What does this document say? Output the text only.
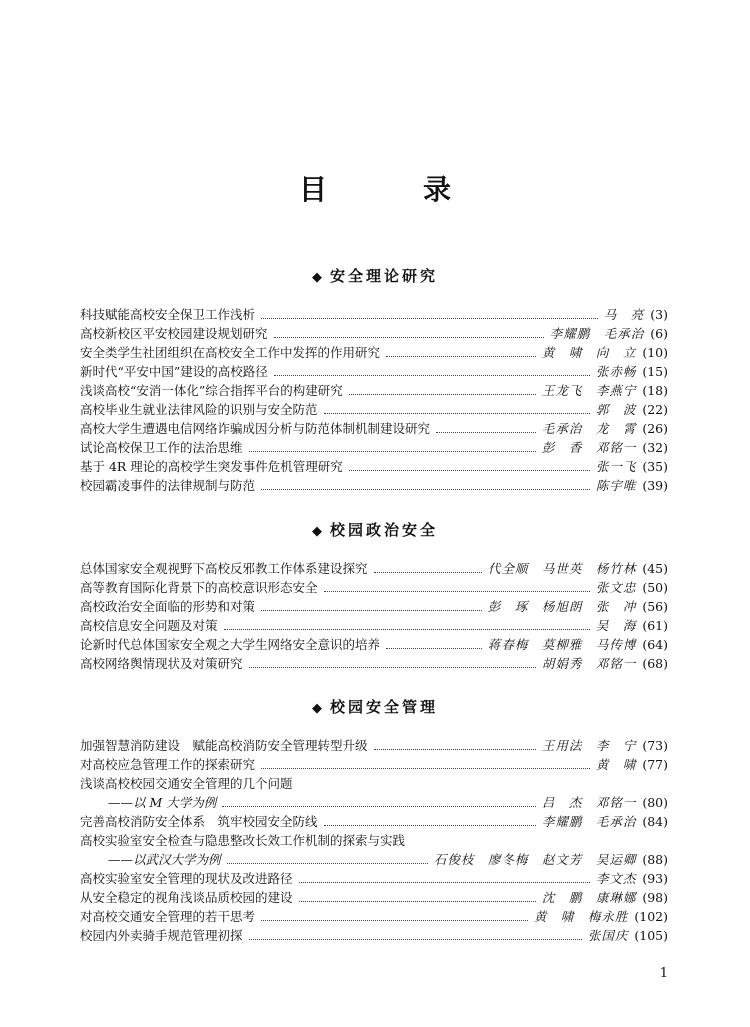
目　录
◆ 安全理论研究
科技赋能高校安全保卫工作浅析	马　亮 (3)
高校新校区平安校园建设规划研究	李耀鹏　毛承治 (6)
安全类学生社团组织在高校安全工作中发挥的作用研究	黄　啸　向　立 (10)
新时代“平安中国”建设的高校路径	张赤畅 (15)
浅谈高校“安消一体化”综合指挥平台的构建研究	王龙飞　李燕宁 (18)
高校毕业生就业法律风险的识别与安全防范	郭　波 (22)
高校大学生遭遇电信网络诈骗成因分析与防范体制机制建设研究	毛承治　龙　霄 (26)
试论高校保卫工作的法治思维	彭　香　邓铭一 (32)
基于 4R 理论的高校学生突发事件危机管理研究	张一飞 (35)
校园霸凌事件的法律规制与防范	陈宇唯 (39)
◆ 校园政治安全
总体国家安全观视野下高校反邪教工作体系建设探究	代全顺　马世英　杨竹林 (45)
高等教育国际化背景下的高校意识形态安全	张文忠 (50)
高校政治安全面临的形势和对策	彭　琢　杨旭朗　张　冲 (56)
高校信息安全问题及对策	吴　海 (61)
论新时代总体国家安全观之大学生网络安全意识的培养	蒋春梅　莫柳雅　马传博 (64)
高校网络舆情现状及对策研究	胡娟秀　邓铭一 (68)
◆ 校园安全管理
加强智慧消防建设　赋能高校消防安全管理转型升级	王用法　李　宁 (73)
对高校应急管理工作的探索研究	黄　啸 (77)
浅谈高校校园交通安全管理的几个问题
——以 M 大学为例	吕　杰　邓铭一 (80)
完善高校消防安全体系　筑牢校园安全防线	李耀鹏　毛承治 (84)
高校实验室安全检查与隐患整改长效工作机制的探索与实践
——以武汉大学为例	石俊枝　廖冬梅　赵文芳　吴运卿 (88)
高校实验室安全管理的现状及改进路径	李文杰 (93)
从安全稳定的视角浅谈品质校园的建设	沈　鹏　康琳娜 (98)
对高校交通安全管理的若干思考	黄　啸　梅永胜 (102)
校园内外卖骑手规范管理初探	张国庆 (105)
1
